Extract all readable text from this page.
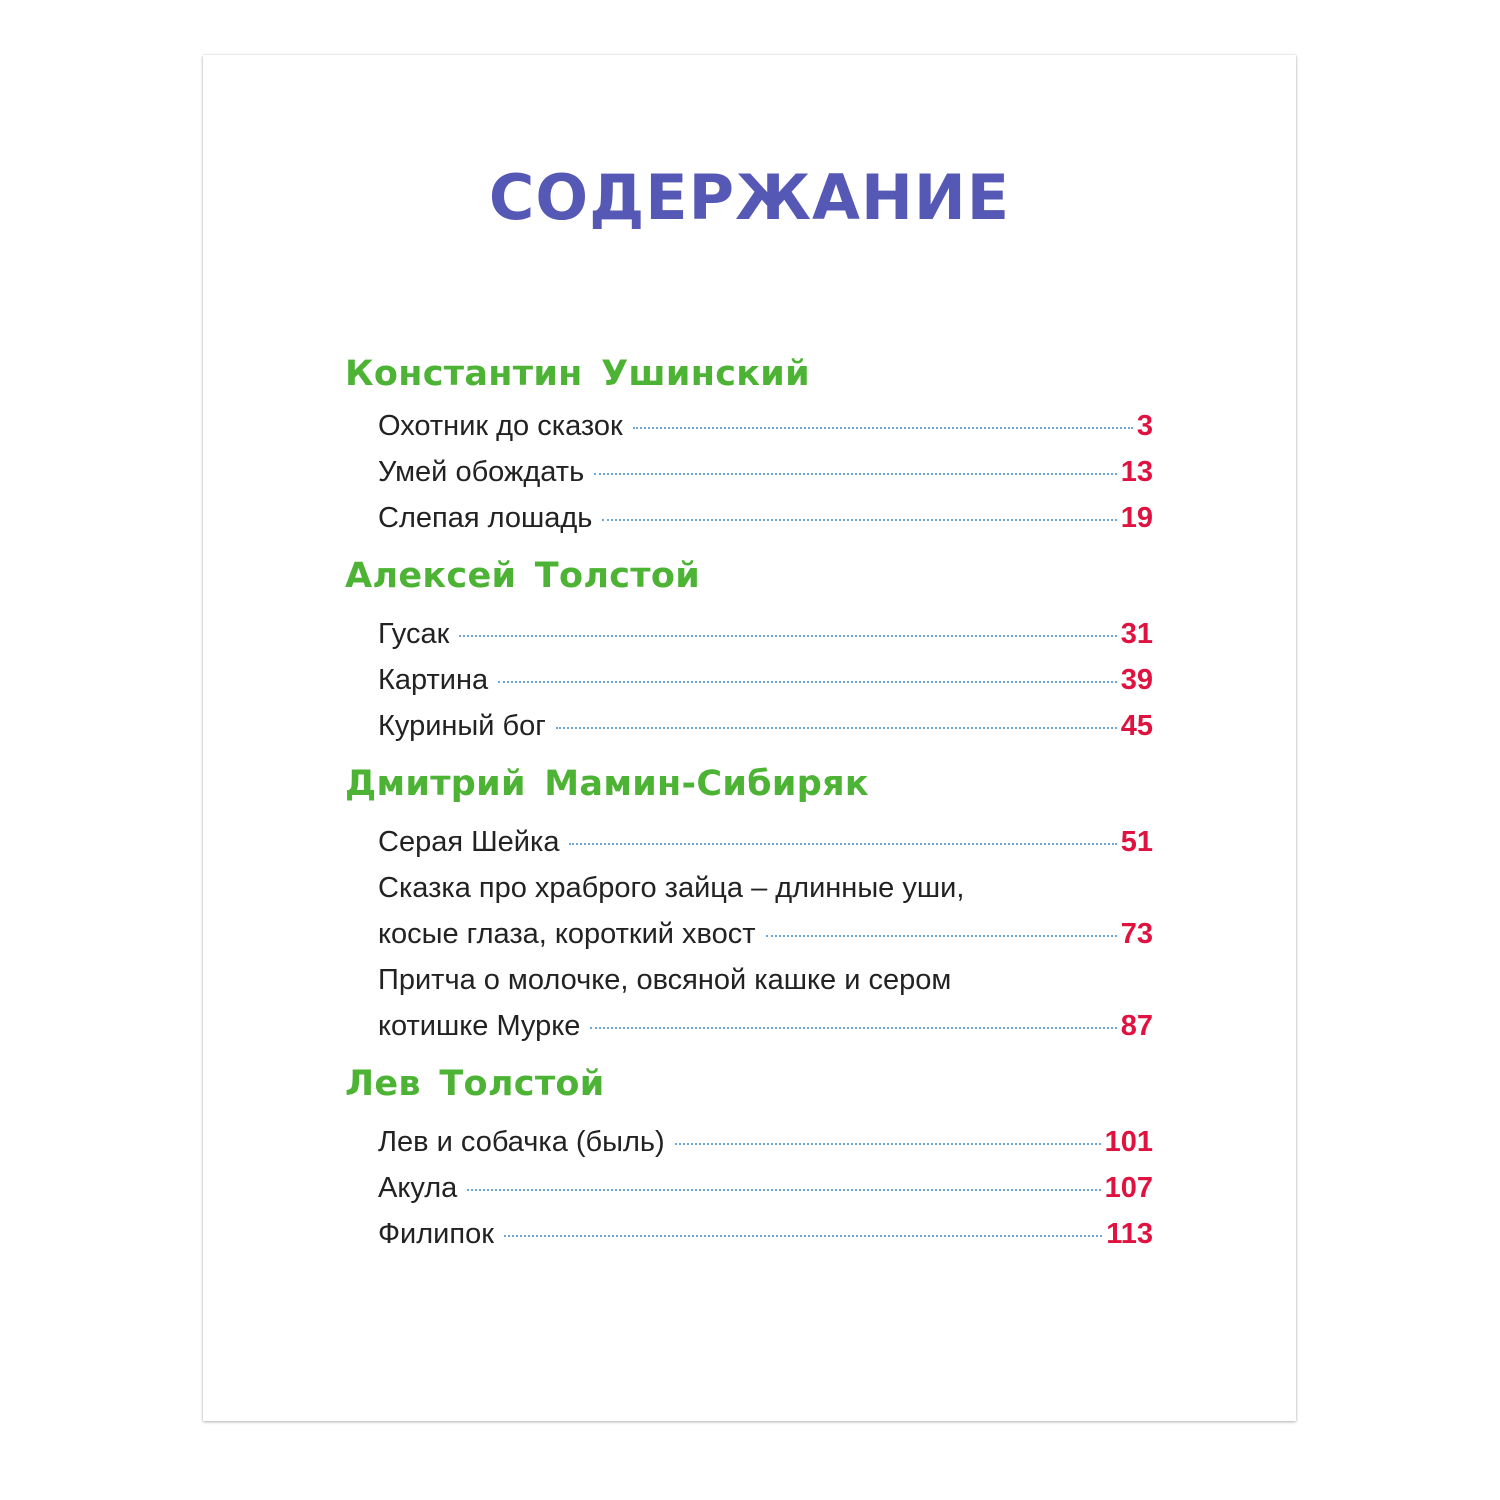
СОДЕРЖАНИЕ
Константин Ушинский
Охотник до сказок	3
Умей обождать	13
Слепая лошадь	19
Алексей Толстой
Гусак	31
Картина	39
Куриный бог	45
Дмитрий Мамин-Сибиряк
Серая Шейка	51
Сказка про храброго зайца – длинные уши,
косые глаза, короткий хвост	73
Притча о молочке, овсяной кашке и сером
котишке Мурке	87
Лев Толстой
Лев и собачка (быль)	101
Акула	107
Филипок	113
